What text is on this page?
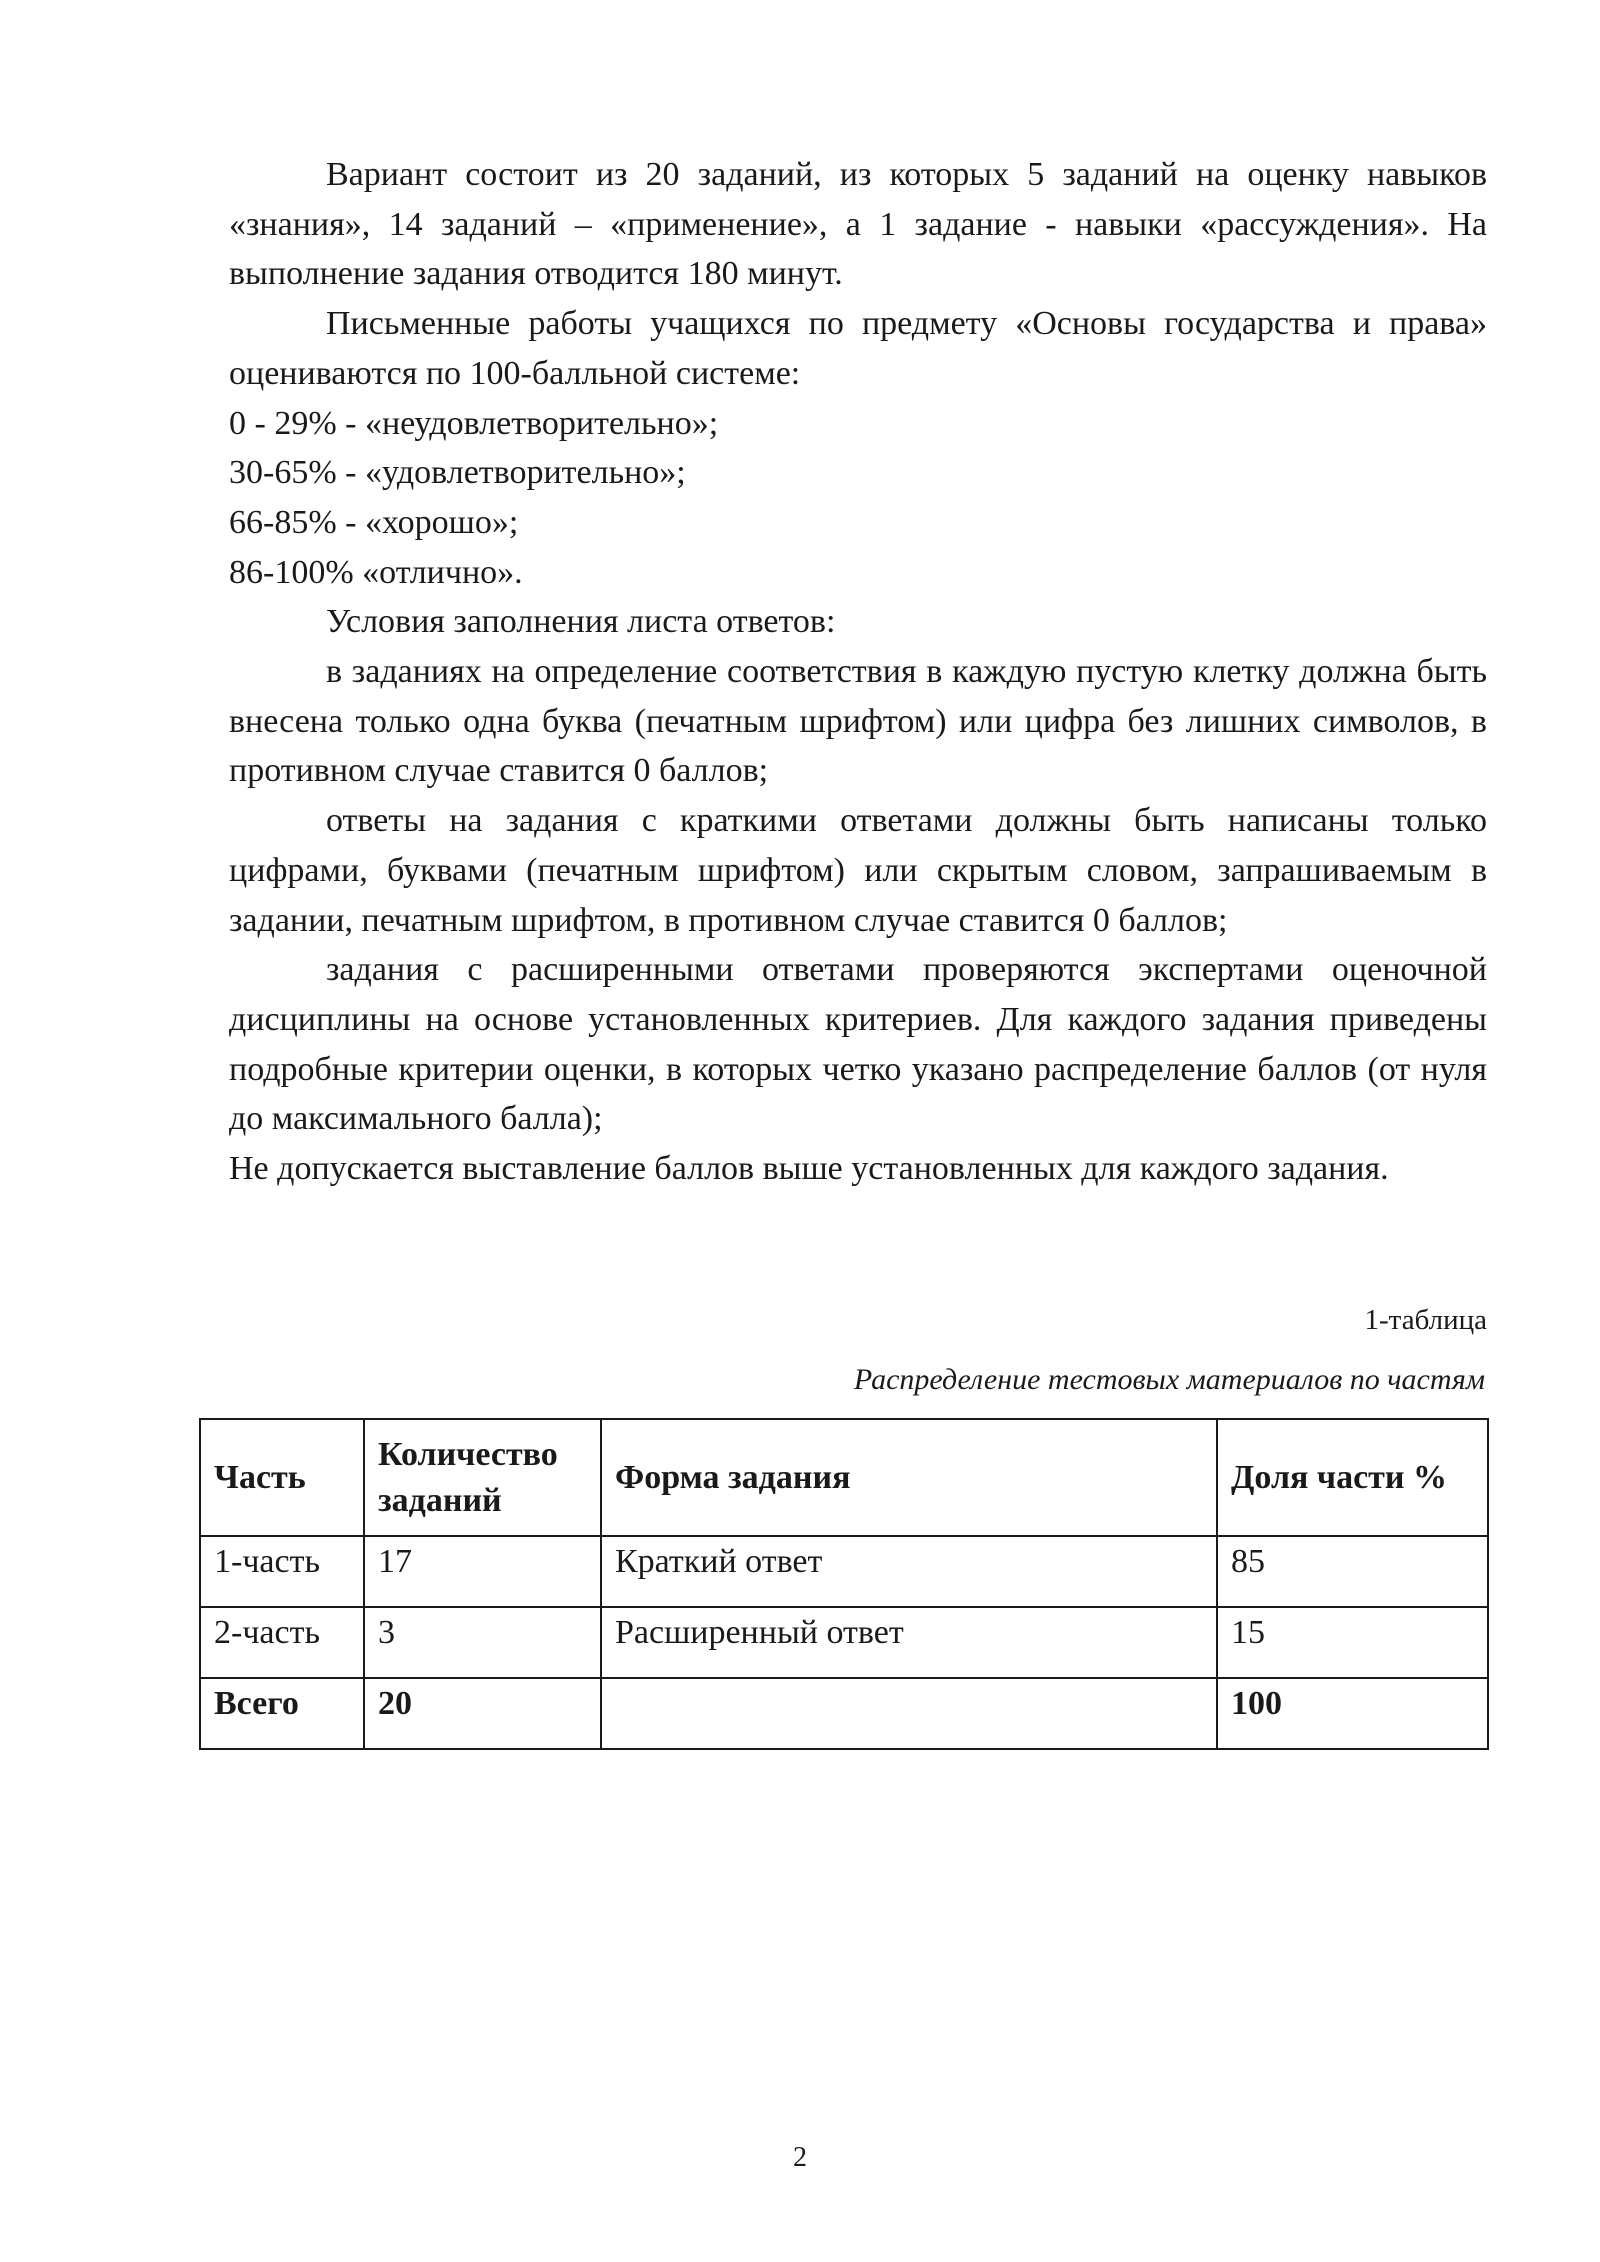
Вариант состоит из 20 заданий, из которых 5 заданий на оценку навыков «знания», 14 заданий – «применение», а 1 задание - навыки «рассуждения». На выполнение задания отводится 180 минут.

Письменные работы учащихся по предмету «Основы государства и права» оцениваются по 100-балльной системе:

0 - 29% - «неудовлетворительно»;

30-65% - «удовлетворительно»;

66-85% - «хорошо»;

86-100% «отлично».

Условия заполнения листа ответов:

в заданиях на определение соответствия в каждую пустую клетку должна быть внесена только одна буква (печатным шрифтом) или цифра без лишних символов, в противном случае ставится 0 баллов;

ответы на задания с краткими ответами должны быть написаны только цифрами, буквами (печатным шрифтом) или скрытым словом, запрашиваемым в задании, печатным шрифтом, в противном случае ставится 0 баллов;

задания с расширенными ответами проверяются экспертами оценочной дисциплины на основе установленных критериев. Для каждого задания приведены подробные критерии оценки, в которых четко указано распределение баллов (от нуля до максимального балла);

Не допускается выставление баллов выше установленных для каждого задания.

1-таблица
Распределение тестовых материалов по частям
Часть	Количество заданий	Форма задания	Доля части %
1-часть	17	Краткий ответ	85
2-часть	3	Расширенный ответ	15
Всего	20		100
2
